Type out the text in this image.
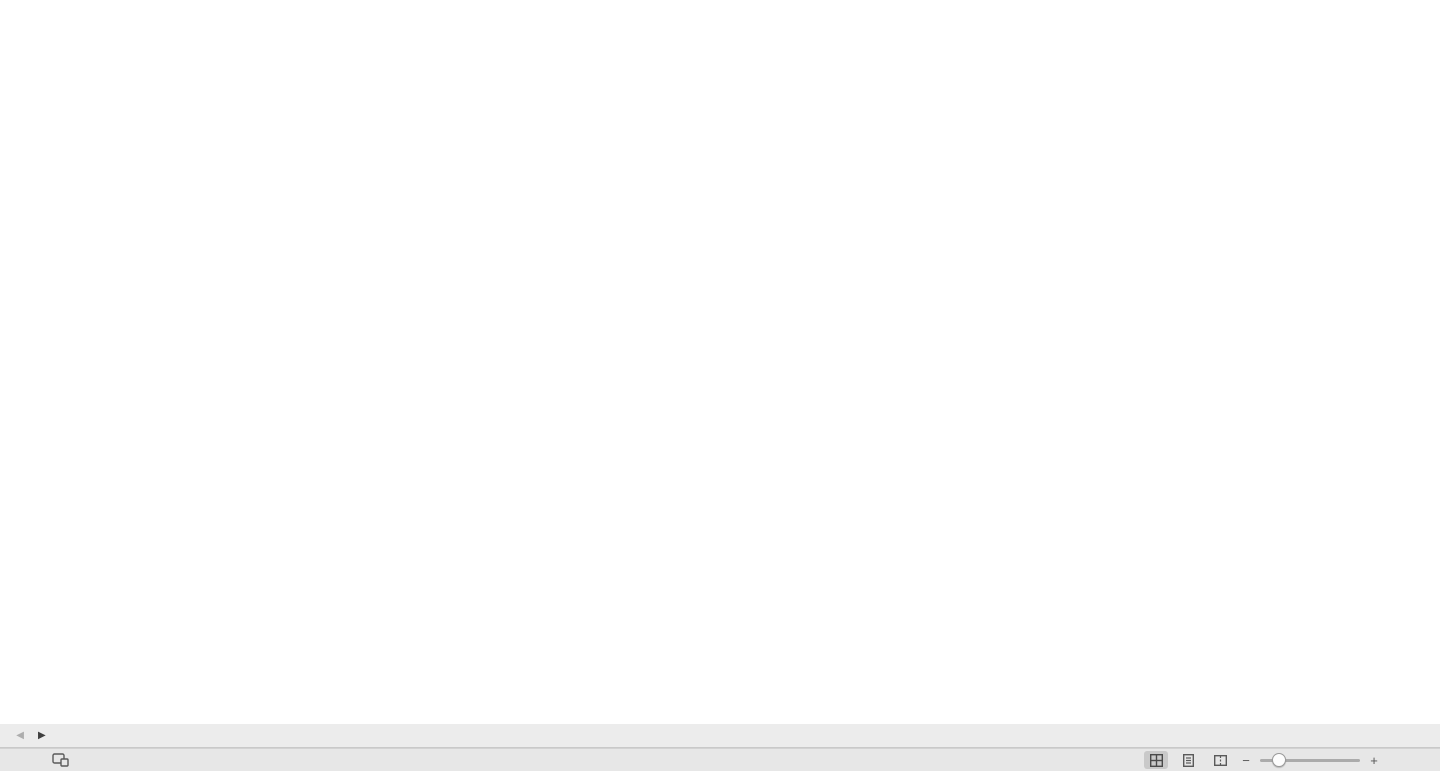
◀ ▶
−	+
